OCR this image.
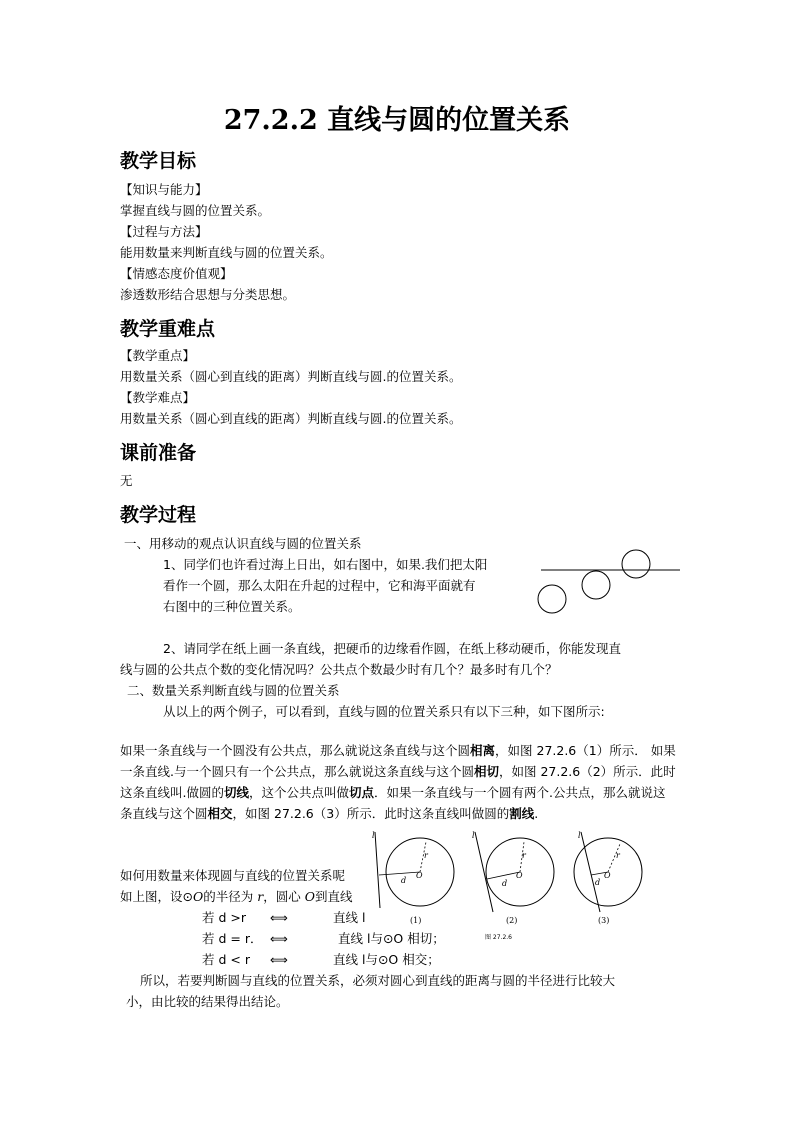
27.2.2 直线与圆的位置关系
教学目标
【知识与能力】
掌握直线与圆的位置关系。
【过程与方法】
能用数量来判断直线与圆的位置关系。
【情感态度价值观】
渗透数形结合思想与分类思想。
教学重难点
【教学重点】
用数量关系（圆心到直线的距离）判断直线与圆.的位置关系。
【教学难点】
用数量关系（圆心到直线的距离）判断直线与圆.的位置关系。
课前准备
无
教学过程
一、用移动的观点认识直线与圆的位置关系
1、同学们也许看过海上日出，如右图中，如果.我们把太阳
看作一个圆，那么太阳在升起的过程中，它和海平面就有
右图中的三种位置关系。
2、请同学在纸上画一条直线，把硬币的边缘看作圆，在纸上移动硬币，你能发现直
线与圆的公共点个数的变化情况吗？公共点个数最少时有几个？最多时有几个？
二、数量关系判断直线与圆的位置关系
从以上的两个例子，可以看到，直线与圆的位置关系只有以下三种，如下图所示:
如果一条直线与一个圆没有公共点，那么就说这条直线与这个圆相离，如图 27.2.6（1）所示． 如果一条直线.与一个圆只有一个公共点，那么就说这条直线与这个圆相切，如图 27.2.6（2）所示．此时这条直线叫.做圆的切线，这个公共点叫做切点．如果一条直线与一个圆有两个.公共点，那么就说这条直线与这个圆相交，如图 27.2.6（3）所示．此时这条直线叫做圆的割线.
如何用数量来体现圆与直线的位置关系呢
如上图，设⊙O的半径为 r，圆心 O到直线
若 d >r ⟺	直线 l
若 d = r． ⟺	直线 l与⊙O 相切；
若 d < r ⟺	直线 l与⊙O 相交；
所以，若要判断圆与直线的位置关系，必须对圆心到直线的距离与圆的半径进行比较大
小，由比较的结果得出结论。
l
r
d
O
(1)
l
r
d
O
(2)
图 27.2.6
l
r
d
O
(3)
